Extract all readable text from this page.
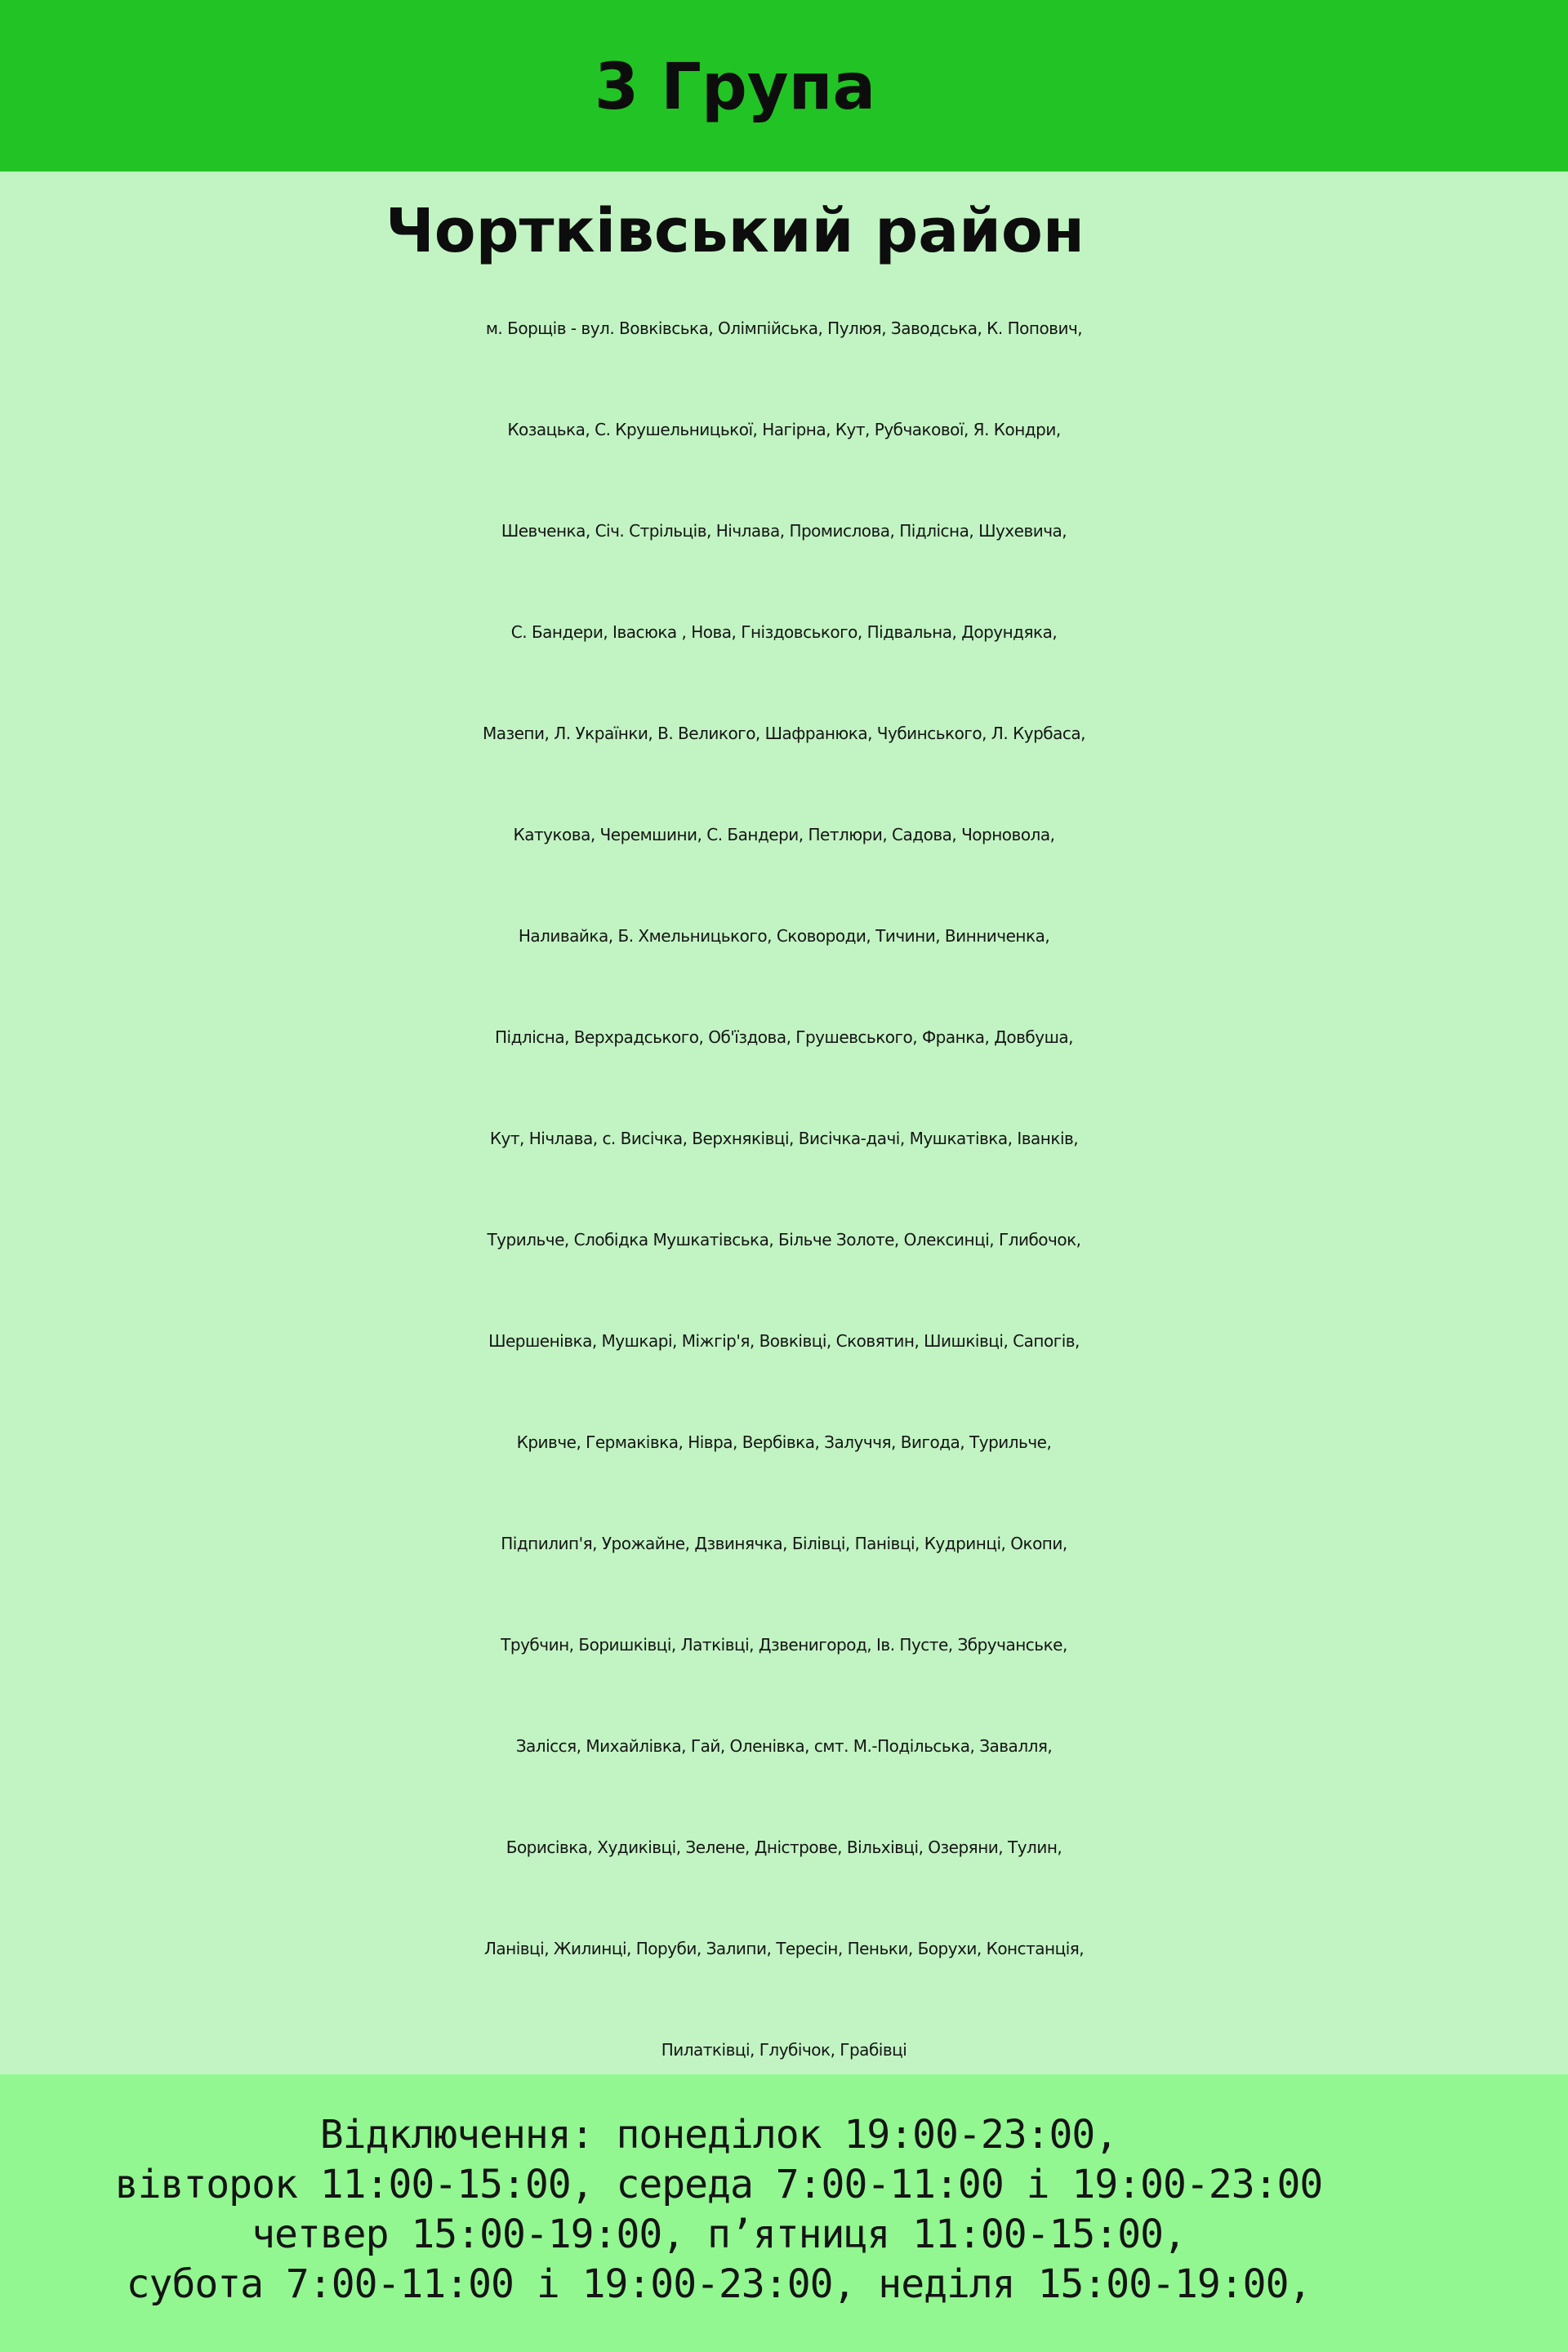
3 Група
Чортківський район
м. Борщів - вул. Вовківська, Олімпійська, Пулюя, Заводська, К. Попович,
Козацька, С. Крушельницької, Нагірна, Кут, Рубчакової, Я. Кондри,
Шевченка, Січ. Стрільців, Нічлава, Промислова, Підлісна, Шухевича,
С. Бандери, Івасюка , Нова, Гніздовського, Підвальна, Дорундяка,
Мазепи, Л. Українки, В. Великого, Шафранюка, Чубинського, Л. Курбаса,
Катукова, Черемшини, С. Бандери, Петлюри, Садова, Чорновола,
Наливайка, Б. Хмельницького, Сковороди, Тичини, Винниченка,
Підлісна, Верхрадського, Об'їздова, Грушевського, Франка, Довбуша,
Кут, Нічлава, с. Висічка, Верхняківці, Висічка-дачі, Мушкатівка, Іванків,
Турильче, Слобідка Мушкатівська, Більче Золоте, Олексинці, Глибочок,
Шершенівка, Мушкарі, Міжгір'я, Вовківці, Сковятин, Шишківці, Сапогів,
Кривче, Гермаківка, Нівра, Вербівка, Залуччя, Вигода, Турильче,
Підпилип'я, Урожайне, Дзвинячка, Білівці, Панівці, Кудринці, Окопи,
Трубчин, Боришківці, Латківці, Дзвенигород, Ів. Пусте, Збручанське,
Залісся, Михайлівка, Гай, Оленівка, смт. М.-Подільська, Завалля,
Борисівка, Худиківці, Зелене, Дністрове, Вільхівці, Озеряни, Тулин,
Ланівці, Жилинці, Поруби, Залипи, Тересін, Пеньки, Борухи, Констанція,
Пилатківці, Глубічок, Грабівці
Відключення: понеділок 19:00-23:00,
вівторок 11:00-15:00, середа 7:00-11:00 і 19:00-23:00
четвер 15:00-19:00, п’ятниця 11:00-15:00,
субота 7:00-11:00 і 19:00-23:00, неділя 15:00-19:00,
